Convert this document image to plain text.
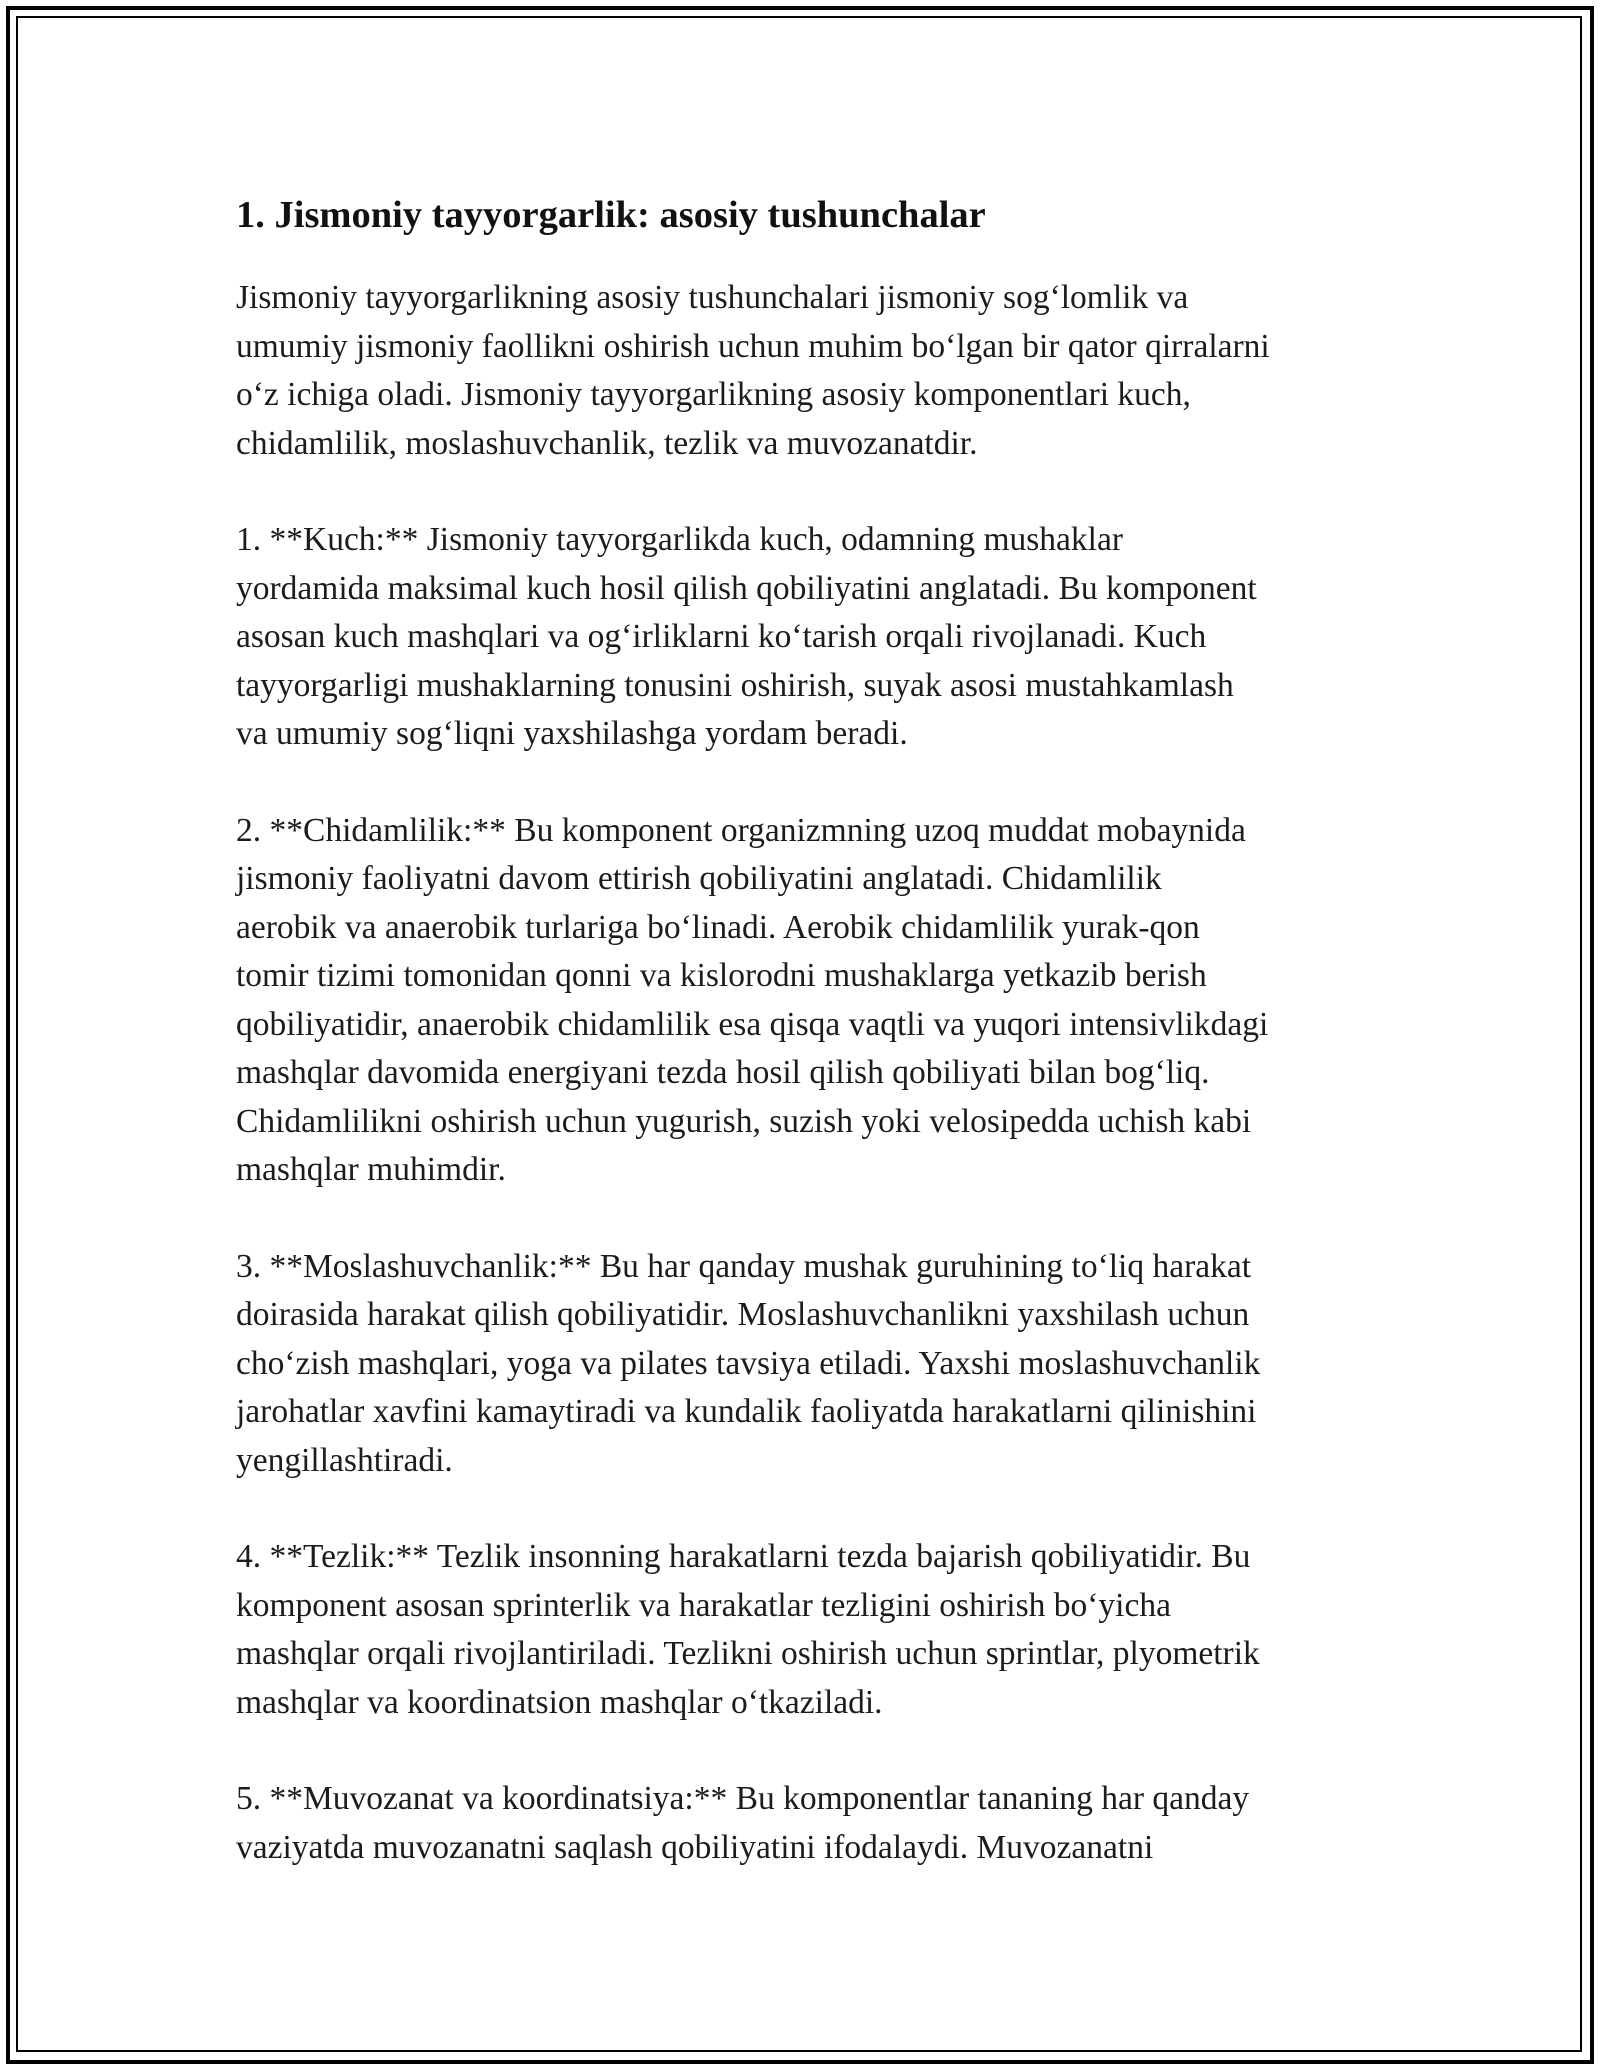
1. Jismoniy tayyorgarlik: asosiy tushunchalar

Jismoniy tayyorgarlikning asosiy tushunchalari jismoniy sog‘lomlik va
umumiy jismoniy faollikni oshirish uchun muhim bo‘lgan bir qator qirralarni
o‘z ichiga oladi. Jismoniy tayyorgarlikning asosiy komponentlari kuch,
chidamlilik, moslashuvchanlik, tezlik va muvozanatdir.

1. **Kuch:** Jismoniy tayyorgarlikda kuch, odamning mushaklar
yordamida maksimal kuch hosil qilish qobiliyatini anglatadi. Bu komponent
asosan kuch mashqlari va og‘irliklarni ko‘tarish orqali rivojlanadi. Kuch
tayyorgarligi mushaklarning tonusini oshirish, suyak asosi mustahkamlash
va umumiy sog‘liqni yaxshilashga yordam beradi.

2. **Chidamlilik:** Bu komponent organizmning uzoq muddat mobaynida
jismoniy faoliyatni davom ettirish qobiliyatini anglatadi. Chidamlilik
aerobik va anaerobik turlariga bo‘linadi. Aerobik chidamlilik yurak-qon
tomir tizimi tomonidan qonni va kislorodni mushaklarga yetkazib berish
qobiliyatidir, anaerobik chidamlilik esa qisqa vaqtli va yuqori intensivlikdagi
mashqlar davomida energiyani tezda hosil qilish qobiliyati bilan bog‘liq.
Chidamlilikni oshirish uchun yugurish, suzish yoki velosipedda uchish kabi
mashqlar muhimdir.

3. **Moslashuvchanlik:** Bu har qanday mushak guruhining to‘liq harakat
doirasida harakat qilish qobiliyatidir. Moslashuvchanlikni yaxshilash uchun
cho‘zish mashqlari, yoga va pilates tavsiya etiladi. Yaxshi moslashuvchanlik
jarohatlar xavfini kamaytiradi va kundalik faoliyatda harakatlarni qilinishini
yengillashtiradi.

4. **Tezlik:** Tezlik insonning harakatlarni tezda bajarish qobiliyatidir. Bu
komponent asosan sprinterlik va harakatlar tezligini oshirish bo‘yicha
mashqlar orqali rivojlantiriladi. Tezlikni oshirish uchun sprintlar, plyometrik
mashqlar va koordinatsion mashqlar o‘tkaziladi.

5. **Muvozanat va koordinatsiya:** Bu komponentlar tananing har qanday
vaziyatda muvozanatni saqlash qobiliyatini ifodalaydi. Muvozanatni
